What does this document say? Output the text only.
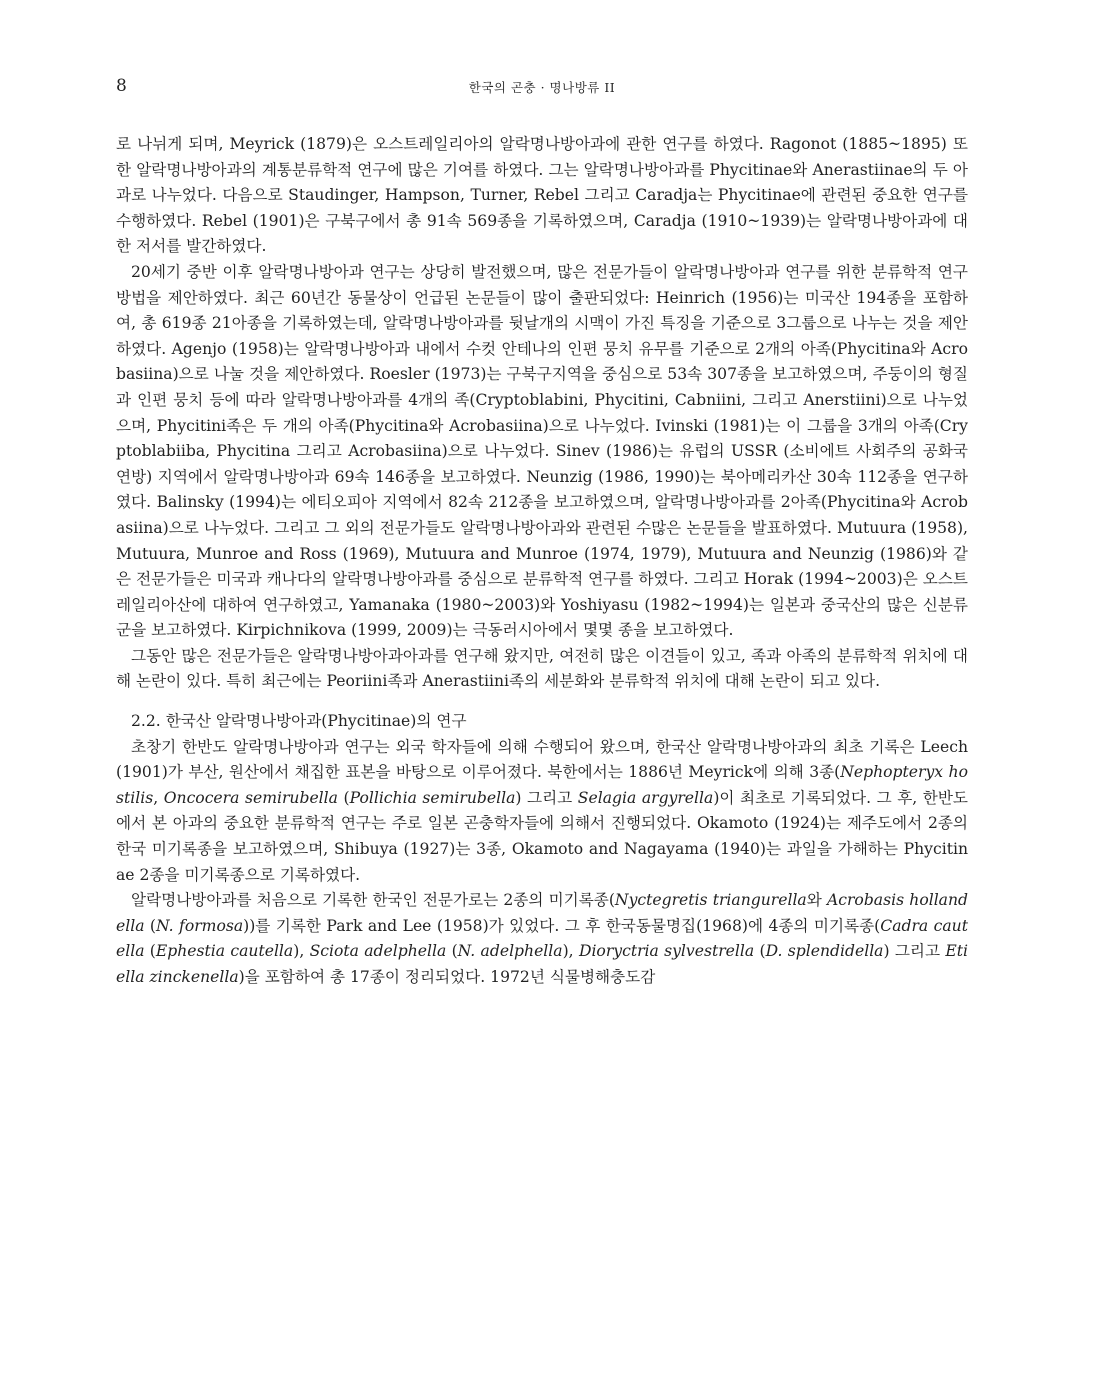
8	한국의 곤충 · 명나방류 II

로 나뉘게 되며, Meyrick (1879)은 오스트레일리아의 알락명나방아과에 관한 연구를 하였다. Ragonot (1885~1895) 또한 알락명나방아과의 계통분류학적 연구에 많은 기여를 하였다. 그는 알락명나방아과를 Phycitinae와 Anerastiinae의 두 아과로 나누었다. 다음으로 Staudinger, Hampson, Turner, Rebel 그리고 Caradja는 Phycitinae에 관련된 중요한 연구를 수행하였다. Rebel (1901)은 구북구에서 총 91속 569종을 기록하였으며, Caradja (1910~1939)는 알락명나방아과에 대한 저서를 발간하였다.

20세기 중반 이후 알락명나방아과 연구는 상당히 발전했으며, 많은 전문가들이 알락명나방아과 연구를 위한 분류학적 연구방법을 제안하였다. 최근 60년간 동물상이 언급된 논문들이 많이 출판되었다: Heinrich (1956)는 미국산 194종을 포함하여, 총 619종 21아종을 기록하였는데, 알락명나방아과를 뒷날개의 시맥이 가진 특징을 기준으로 3그룹으로 나누는 것을 제안하였다. Agenjo (1958)는 알락명나방아과 내에서 수컷 안테나의 인편 뭉치 유무를 기준으로 2개의 아족(Phycitina와 Acrobasiina)으로 나눌 것을 제안하였다. Roesler (1973)는 구북구지역을 중심으로 53속 307종을 보고하였으며, 주둥이의 형질과 인편 뭉치 등에 따라 알락명나방아과를 4개의 족(Cryptoblabini, Phycitini, Cabniini, 그리고 Anerstiini)으로 나누었으며, Phycitini족은 두 개의 아족(Phycitina와 Acrobasiina)으로 나누었다. Ivinski (1981)는 이 그룹을 3개의 아족(Cryptoblabiiba, Phycitina 그리고 Acrobasiina)으로 나누었다. Sinev (1986)는 유럽의 USSR (소비에트 사회주의 공화국 연방) 지역에서 알락명나방아과 69속 146종을 보고하였다. Neunzig (1986, 1990)는 북아메리카산 30속 112종을 연구하였다. Balinsky (1994)는 에티오피아 지역에서 82속 212종을 보고하였으며, 알락명나방아과를 2아족(Phycitina와 Acrobasiina)으로 나누었다. 그리고 그 외의 전문가들도 알락명나방아과와 관련된 수많은 논문들을 발표하였다. Mutuura (1958), Mutuura, Munroe and Ross (1969), Mutuura and Munroe (1974, 1979), Mutuura and Neunzig (1986)와 같은 전문가들은 미국과 캐나다의 알락명나방아과를 중심으로 분류학적 연구를 하였다. 그리고 Horak (1994~2003)은 오스트레일리아산에 대하여 연구하였고, Yamanaka (1980~2003)와 Yoshiyasu (1982~1994)는 일본과 중국산의 많은 신분류군을 보고하였다. Kirpichnikova (1999, 2009)는 극동러시아에서 몇몇 종을 보고하였다.

그동안 많은 전문가들은 알락명나방아과아과를 연구해 왔지만, 여전히 많은 이견들이 있고, 족과 아족의 분류학적 위치에 대해 논란이 있다. 특히 최근에는 Peoriini족과 Anerastiini족의 세분화와 분류학적 위치에 대해 논란이 되고 있다.

2.2. 한국산 알락명나방아과(Phycitinae)의 연구

초창기 한반도 알락명나방아과 연구는 외국 학자들에 의해 수행되어 왔으며, 한국산 알락명나방아과의 최초 기록은 Leech (1901)가 부산, 원산에서 채집한 표본을 바탕으로 이루어졌다. 북한에서는 1886년 Meyrick에 의해 3종(Nephopteryx hostilis, Oncocera semirubella (Pollichia semirubella) 그리고 Selagia argyrella)이 최초로 기록되었다. 그 후, 한반도에서 본 아과의 중요한 분류학적 연구는 주로 일본 곤충학자들에 의해서 진행되었다. Okamoto (1924)는 제주도에서 2종의 한국 미기록종을 보고하였으며, Shibuya (1927)는 3종, Okamoto and Nagayama (1940)는 과일을 가해하는 Phycitinae 2종을 미기록종으로 기록하였다.

알락명나방아과를 처음으로 기록한 한국인 전문가로는 2종의 미기록종(Nyctegretis triangurella와 Acrobasis hollandella (N. formosa))를 기록한 Park and Lee (1958)가 있었다. 그 후 한국동물명집(1968)에 4종의 미기록종(Cadra cautella (Ephestia cautella), Sciota adelphella (N. adelphella), Dioryctria sylvestrella (D. splendidella) 그리고 Etiella zinckenella)을 포함하여 총 17종이 정리되었다. 1972년 식물병해충도감
